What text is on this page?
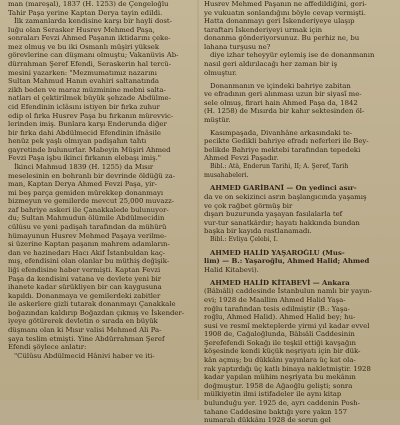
man (mareşal), 1837 (H. 1253) de Çengeloğlu
Tahir Paşa yerine Kaptan Derya tayin edildi.
İlk zamanlarda kendisine karşı bir hayli dost-
luğu olan Serasker Husrev Mehmed Paşa,
sonraları Fevzi Ahmed Paşanın iktidarını çeke-
mez olmuş ve bu iki Osmanlı müşiri yüksek
görevlerine can düşmanı olmuştu; Vakanüvis Ab-
dürrahman Şeref Efendi, Seraskerin hal tercü-
mesini yazarken: "Mezmumatımız nazarını
Sultan Mahmud Hanın evahiri saltanatında
zikh beden ve maraz müzminine mebni salta-
natları el çektirilmek büyük şehzade Abdülme-
cid Efendinin iclâsını istiyen bir fırka zuhur
edip ol fırka Husrev Paşa bu fırkanın mürevvic-
lerinden imiş. Bunlara karşı Enderunda diğer
bir fırka dahi Abdülmecid Efendinin ifnâsile
henüz pek yaşlı olmıyan padişahın tahtı
gayretinde bulunurlar. Mabeyin Müşiri Ahmed
Fevzi Paşa işbu ikinci fırkanın elebaşı imiş."
İkinci Mahmud 1839 (H. 1255) da Mısır
meselesinin en bohranlı bir devrinde öldüğü za-
man, Kaptan Derya Ahmed Fevzi Paşa, yir-
mi beş parça gemiden mürekkep donanmayı
bizmeyun ve gemilerde mevcut 25,000 muvazz-
zaf bahriye askeri ile Çanakkalede bulunuyor-
du; Sultan Mahmudun ölümile Abdülmecidin
cülûsu ve yeni padişah tarafından da mühürü
hümayunun Husrev Mehmed Paşaya verilme-
si üzerine Kaptan paşanın mahrem adamların-
dan ve hazinedarı Hacı Akif İstanbuldan kaç-
mış, efendisini olan olanlar bu müthiş değişik-
liği efendisine haber vermişti. Kaptan Fevzi
Paşa da kendisini vatana ve devlete yeni bir
ihanete kadar sürükliyen bir can kaygusuna
kapıldı. Donanmaya ve gemilerdeki zabitler
ile askerlere gizli tutarak donanmayı Çanakkale
boğazından kaldırıp Boğazdan çıkmış ve İskender-
iyeye götürerek devletin o sırada en büyük
düşmanı olan ki Mısır valisi Mehmed Ali Pa-
şaya teslim etmişti. Yine Abdürrahman Şeref
Efendi şöylece anlatır:
"Cülûsu Abdülmecid Hânivi haber ve iti-
Husrev Mehmed Paşanın ne affedildiğini, geri-
ye vukuatın sonlandığını böyle cevap vermişti.
Hatta donanmayı geri İskenderiyeye ulaşıp
taraftarı İskenderiyeyi urmak için
donanma gönderiyorsunuz. Bu perhiz ne, bu
lahana turşusu ne?
diye izhar teheyyür eylemiş ise de donanmanın
nasıl geri aldırılacağı her zaman bir iş
olmuştur.
Donanmanın ve içindeki bahriye zabitan
ve efradının geri alınması uzun bir siyasî me-
sele olmuş, firari hain Ahmed Paşa da, 1842
(H. 1258) de Mısırda bir kahır sektesinden öl-
müştür.
Kasımpaşada, Divanhâne arkasındaki te-
pecikte Gedikli bahriye efradı neferleri ile Bey-
belikde Bahriye mektebi tarafından tepedeki
Ahmed Fevzi Paşadır.
Bibl.: Atâ, Enderun Tarihi, II; A. Şeref, Tarih
musahabeleri.
AHMED GARİBANÎ — On yedinci asır-
da ve on sekizinci asrın başlangıcında yaşamış
ve çok rağbet görmüş bir
dışarı buzurunda yaşayan fasılalarla tef
vur-tur sanatkârdır; hayatı hakkında bundan
başka bir kayıda rastlanamadı.
Bibl.: Evliya Çelebi, I.
AHMED HALİD YAŞAROĞLU (Mus-
lim) — B.: Yaşaroğlu, Ahmed Halid; Ahmed
Halid Kitabevi).
AHMED HALİD KİTABEVİ — Ankara
(Bâbıâli) caddesinde İstanbulun namlı bir yayın-
evi; 1928 de Maallim Ahmed Halid Yaşa-
roğlu tarafından tesis edilmiştir (B.: Yaşa-
roğlu, Ahmed Halid). Ahmed Halid bey; hu-
susi ve resmî mekteplerde yirmi yıl kadar evvel
1908 de, Cağaloğlunda, Bâbıâli Caddesinin
Şerefefendi Sokağı ile teşkil ettiği kavşağın
köşesinde kendi küçük neşriyatı için bir dük-
kân açmış; bu dükkânı yayınlara üç kat ola-
rak yaptırdığı üç katlı binaya nakletmiştir. 1928
kadar yapılan mühim neşriyata bu mekânın
doğmuştur. 1958 de Ağaoğlu gelişti; sonra
mülkiyetin ilmi istifadeler ile aynı kitap
bulunduğu yer. 1925 de, ayrı caddenin Posh-
tahane Caddesine baktığı yere yakın 157
numaralı dükkânı 1928 de sorun gel
